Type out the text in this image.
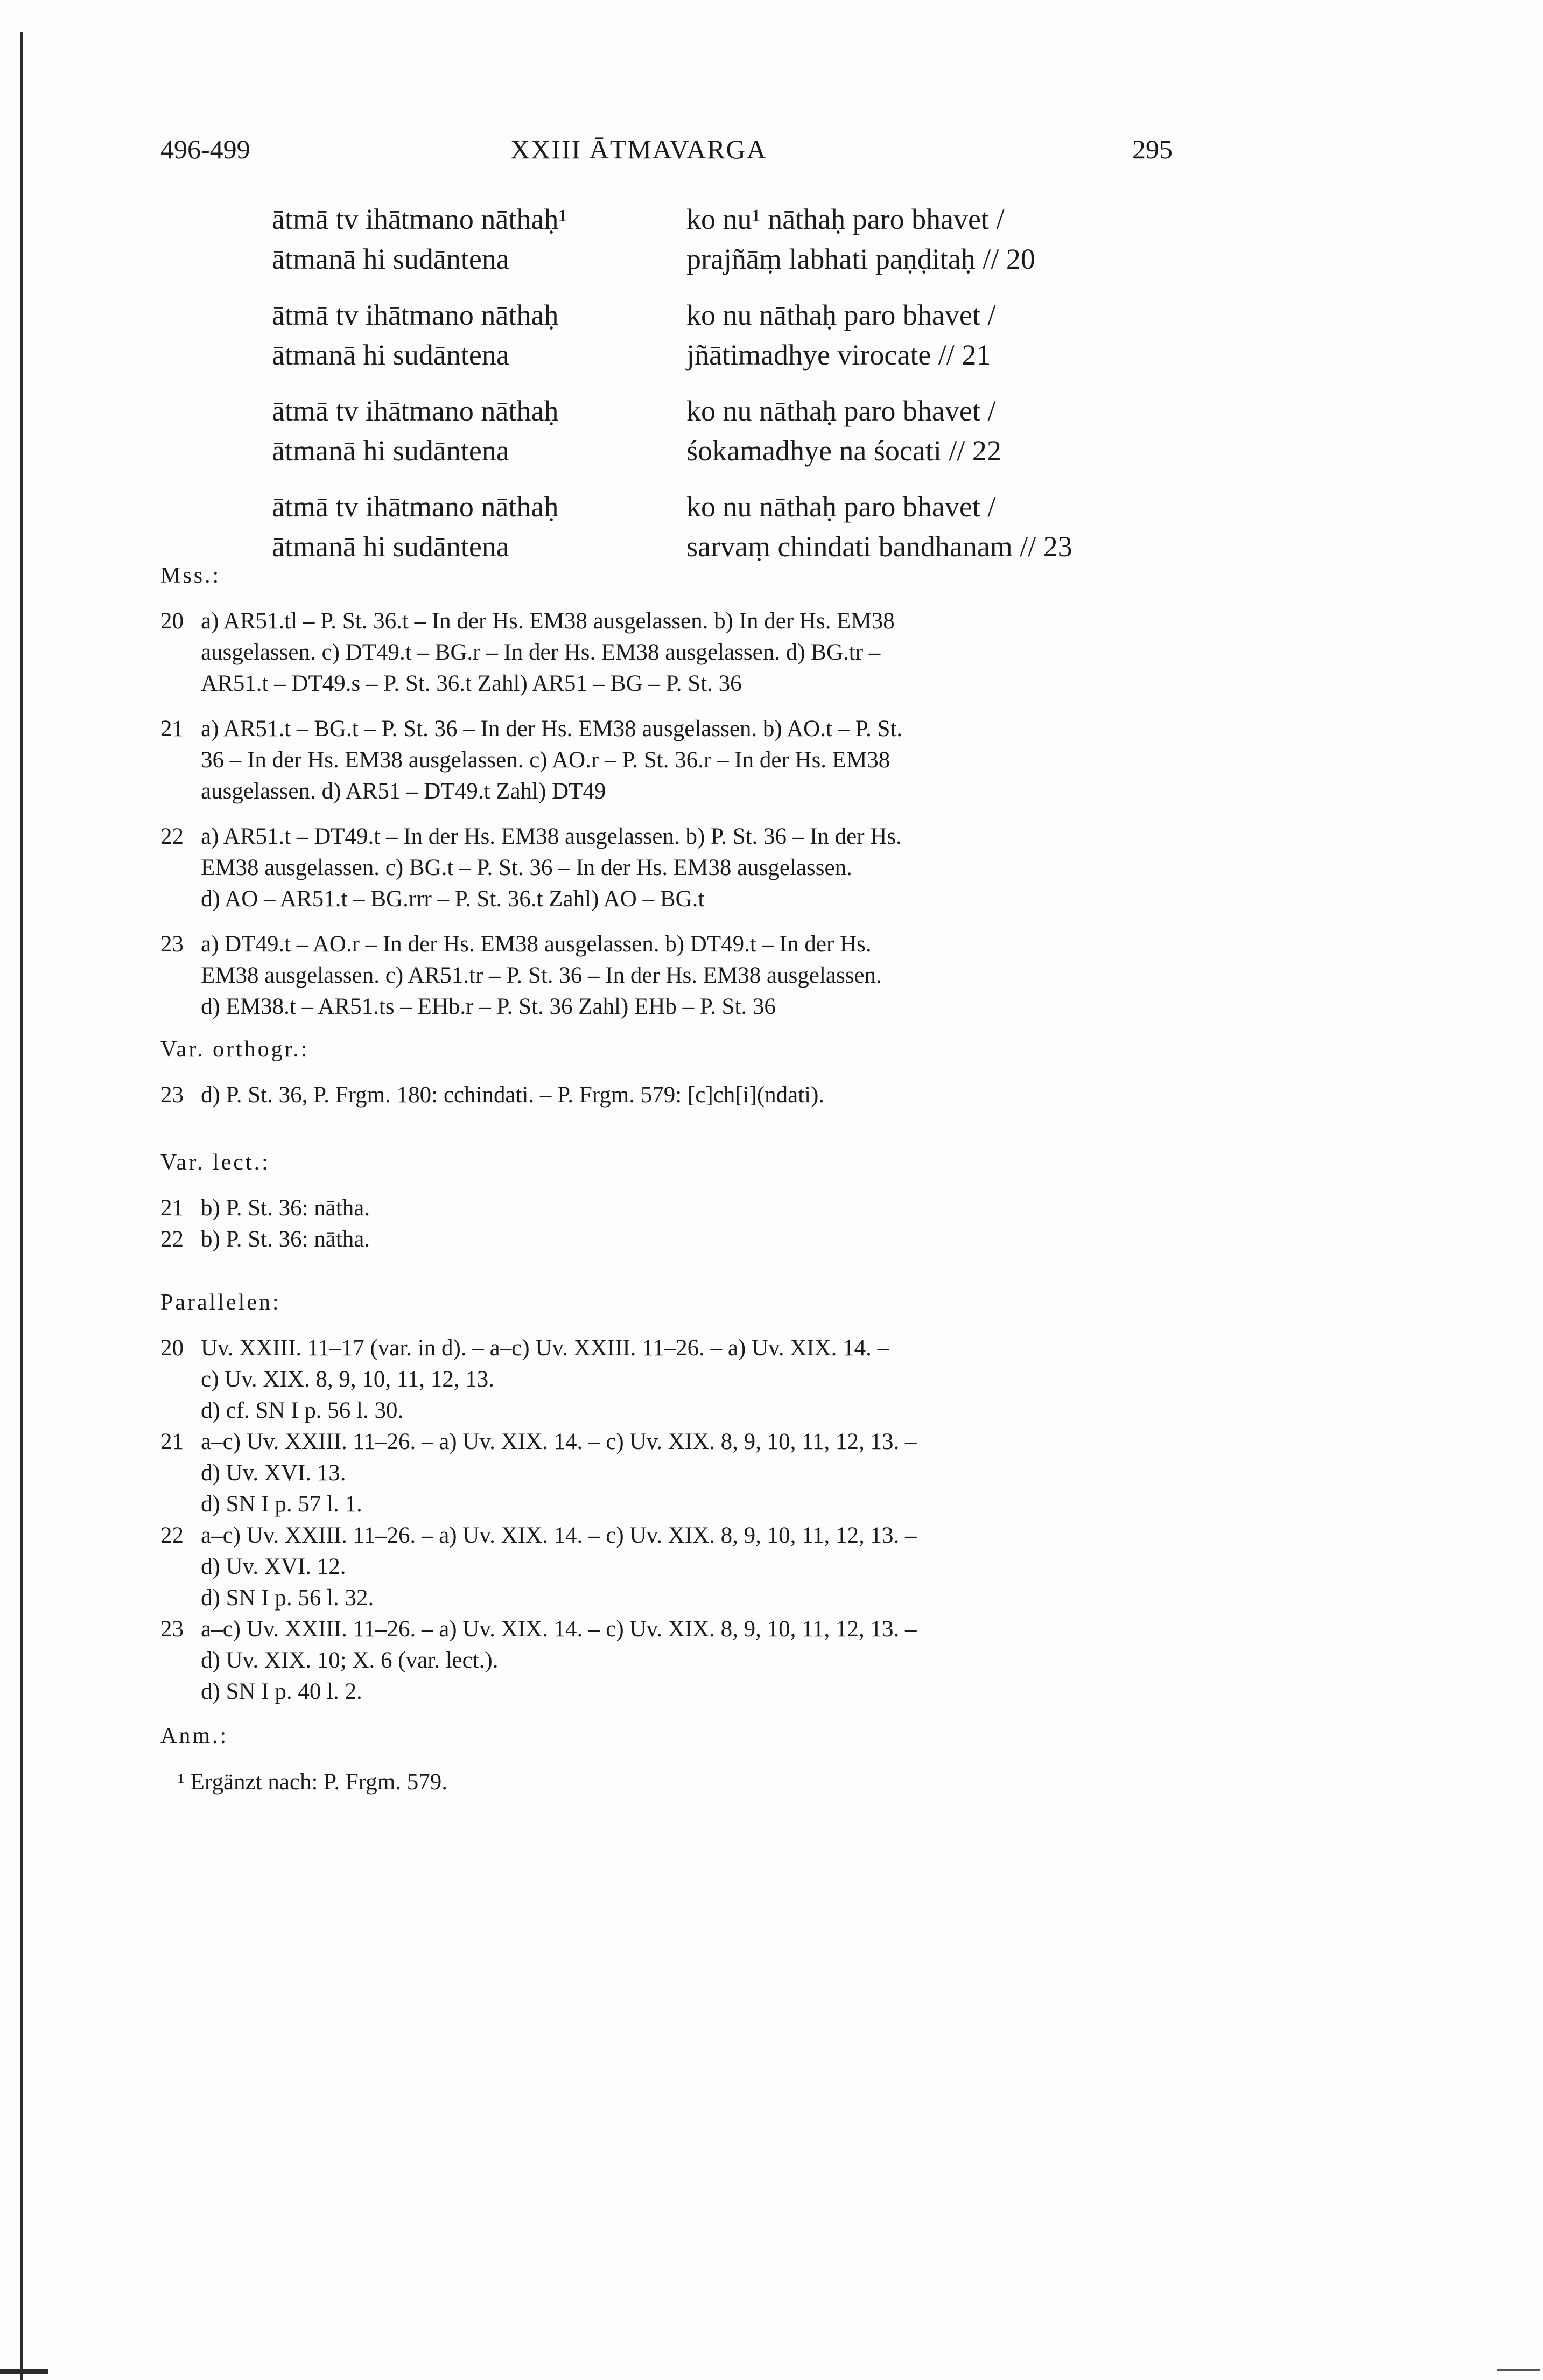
496-499	XXIII ĀTMAVARGA	295
ātmā tv ihātmano nāthaḥ¹	ko nu¹ nāthaḥ paro bhavet /
ātmanā hi sudāntena	prajñāṃ labhati paṇḍitaḥ // 20
ātmā tv ihātmano nāthaḥ	ko nu nāthaḥ paro bhavet /
ātmanā hi sudāntena	jñātimadhye virocate // 21
ātmā tv ihātmano nāthaḥ	ko nu nāthaḥ paro bhavet /
ātmanā hi sudāntena	śokamadhye na śocati // 22
ātmā tv ihātmano nāthaḥ	ko nu nāthaḥ paro bhavet /
ātmanā hi sudāntena	sarvaṃ chindati bandhanam // 23
Mss.:
20 a) AR51.tl – P. St. 36.t – In der Hs. EM38 ausgelassen. b) In der Hs. EM38

ausgelassen. c) DT49.t – BG.r – In der Hs. EM38 ausgelassen. d) BG.tr –

AR51.t – DT49.s – P. St. 36.t Zahl) AR51 – BG – P. St. 36

21 a) AR51.t – BG.t – P. St. 36 – In der Hs. EM38 ausgelassen. b) AO.t – P. St.

36 – In der Hs. EM38 ausgelassen. c) AO.r – P. St. 36.r – In der Hs. EM38

ausgelassen. d) AR51 – DT49.t Zahl) DT49

22 a) AR51.t – DT49.t – In der Hs. EM38 ausgelassen. b) P. St. 36 – In der Hs.

EM38 ausgelassen. c) BG.t – P. St. 36 – In der Hs. EM38 ausgelassen.

d) AO – AR51.t – BG.rrr – P. St. 36.t Zahl) AO – BG.t

23 a) DT49.t – AO.r – In der Hs. EM38 ausgelassen. b) DT49.t – In der Hs.

EM38 ausgelassen. c) AR51.tr – P. St. 36 – In der Hs. EM38 ausgelassen.

d) EM38.t – AR51.ts – EHb.r – P. St. 36 Zahl) EHb – P. St. 36

Var. orthogr.:
23 d) P. St. 36, P. Frgm. 180: cchindati. – P. Frgm. 579: [c]ch[i](ndati).

Var. lect.:
21 b) P. St. 36: nātha.

22 b) P. St. 36: nātha.

Parallelen:
20 Uv. XXIII. 11–17 (var. in d). – a–c) Uv. XXIII. 11–26. – a) Uv. XIX. 14. –

c) Uv. XIX. 8, 9, 10, 11, 12, 13.

d) cf. SN I p. 56 l. 30.

21 a–c) Uv. XXIII. 11–26. – a) Uv. XIX. 14. – c) Uv. XIX. 8, 9, 10, 11, 12, 13. –

d) Uv. XVI. 13.

d) SN I p. 57 l. 1.

22 a–c) Uv. XXIII. 11–26. – a) Uv. XIX. 14. – c) Uv. XIX. 8, 9, 10, 11, 12, 13. –

d) Uv. XVI. 12.

d) SN I p. 56 l. 32.

23 a–c) Uv. XXIII. 11–26. – a) Uv. XIX. 14. – c) Uv. XIX. 8, 9, 10, 11, 12, 13. –

d) Uv. XIX. 10; X. 6 (var. lect.).

d) SN I p. 40 l. 2.

Anm.:
¹ Ergänzt nach: P. Frgm. 579.
